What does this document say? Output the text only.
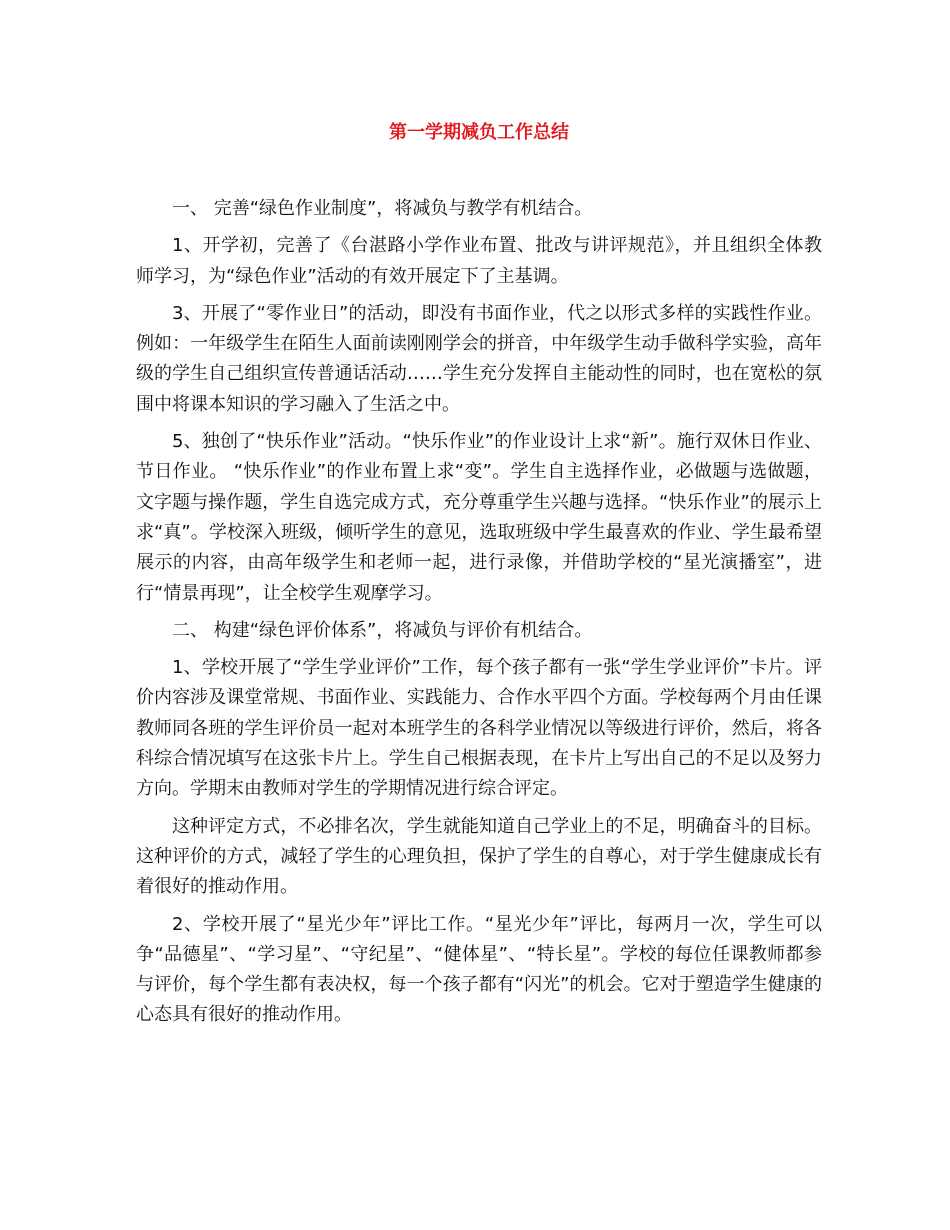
第一学期减负工作总结

一、 完善“绿色作业制度”，将减负与教学有机结合。

1、开学初，完善了《台湛路小学作业布置、批改与讲评规范》，并且组织全体教师学习，为“绿色作业”活动的有效开展定下了主基调。

3、开展了“零作业日”的活动，即没有书面作业，代之以形式多样的实践性作业。例如：一年级学生在陌生人面前读刚刚学会的拼音，中年级学生动手做科学实验，高年级的学生自己组织宣传普通话活动……学生充分发挥自主能动性的同时，也在宽松的氛围中将课本知识的学习融入了生活之中。

5、独创了“快乐作业”活动。“快乐作业”的作业设计上求“新”。施行双休日作业、节日作业。 “快乐作业”的作业布置上求“变”。学生自主选择作业，必做题与选做题，文字题与操作题，学生自选完成方式，充分尊重学生兴趣与选择。“快乐作业”的展示上求“真”。学校深入班级，倾听学生的意见，选取班级中学生最喜欢的作业、学生最希望展示的内容，由高年级学生和老师一起，进行录像，并借助学校的“星光演播室”，进行“情景再现”，让全校学生观摩学习。

二、 构建“绿色评价体系”，将减负与评价有机结合。

1、学校开展了“学生学业评价”工作，每个孩子都有一张“学生学业评价”卡片。评价内容涉及课堂常规、书面作业、实践能力、合作水平四个方面。学校每两个月由任课教师同各班的学生评价员一起对本班学生的各科学业情况以等级进行评价，然后，将各科综合情况填写在这张卡片上。学生自己根据表现，在卡片上写出自己的不足以及努力方向。学期末由教师对学生的学期情况进行综合评定。

这种评定方式，不必排名次，学生就能知道自己学业上的不足，明确奋斗的目标。这种评价的方式，减轻了学生的心理负担，保护了学生的自尊心，对于学生健康成长有着很好的推动作用。

2、学校开展了“星光少年”评比工作。“星光少年”评比，每两月一次，学生可以争“品德星”、“学习星”、“守纪星”、“健体星”、“特长星”。学校的每位任课教师都参与评价，每个学生都有表决权，每一个孩子都有“闪光”的机会。它对于塑造学生健康的心态具有很好的推动作用。
